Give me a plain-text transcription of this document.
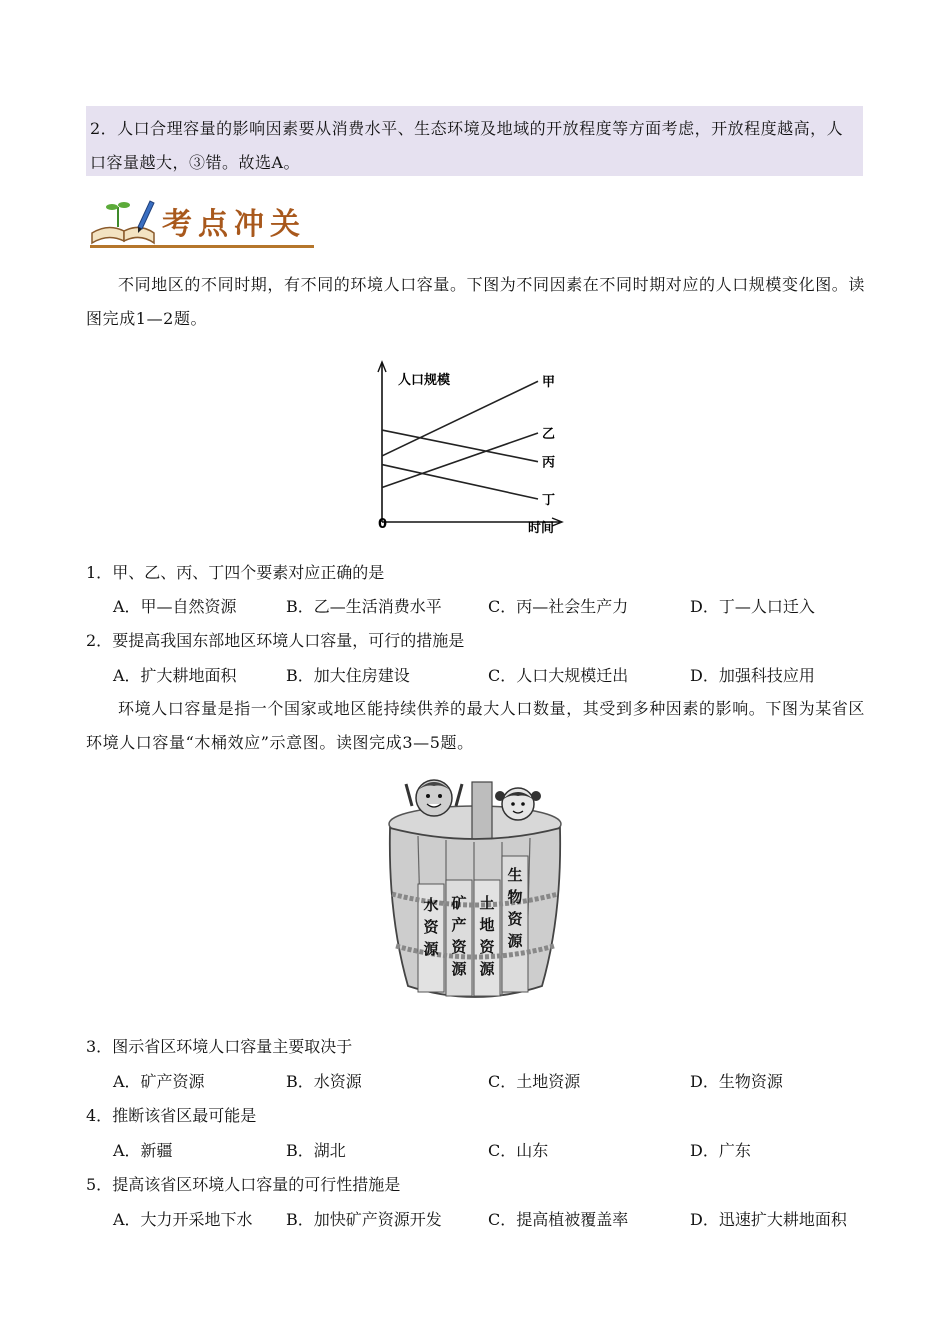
2．人口合理容量的影响因素要从消费水平、生态环境及地域的开放程度等方面考虑，开放程度越高，人口容量越大，③错。故选A。
考点冲关
不同地区的不同时期，有不同的环境人口容量。下图为不同因素在不同时期对应的人口规模变化图。读图完成1—2题。
人口规模
时间
0
甲
乙
丙
丁
1．甲、乙、丙、丁四个要素对应正确的是
A．甲—自然资源	B．乙—生活消费水平	C．丙—社会生产力	D．丁—人口迁入
2．要提高我国东部地区环境人口容量，可行的措施是
A．扩大耕地面积	B．加大住房建设	C．人口大规模迁出	D．加强科技应用
环境人口容量是指一个国家或地区能持续供养的最大人口数量，其受到多种因素的影响。下图为某省区环境人口容量“木桶效应”示意图。读图完成3—5题。
水资源
矿产资源
土地资源
生物资源
3．图示省区环境人口容量主要取决于
A．矿产资源	B．水资源	C．土地资源	D．生物资源
4．推断该省区最可能是
A．新疆	B．湖北	C．山东	D．广东
5．提高该省区环境人口容量的可行性措施是
A．大力开采地下水 B．加快矿产资源开发	C．提高植被覆盖率	D．迅速扩大耕地面积
